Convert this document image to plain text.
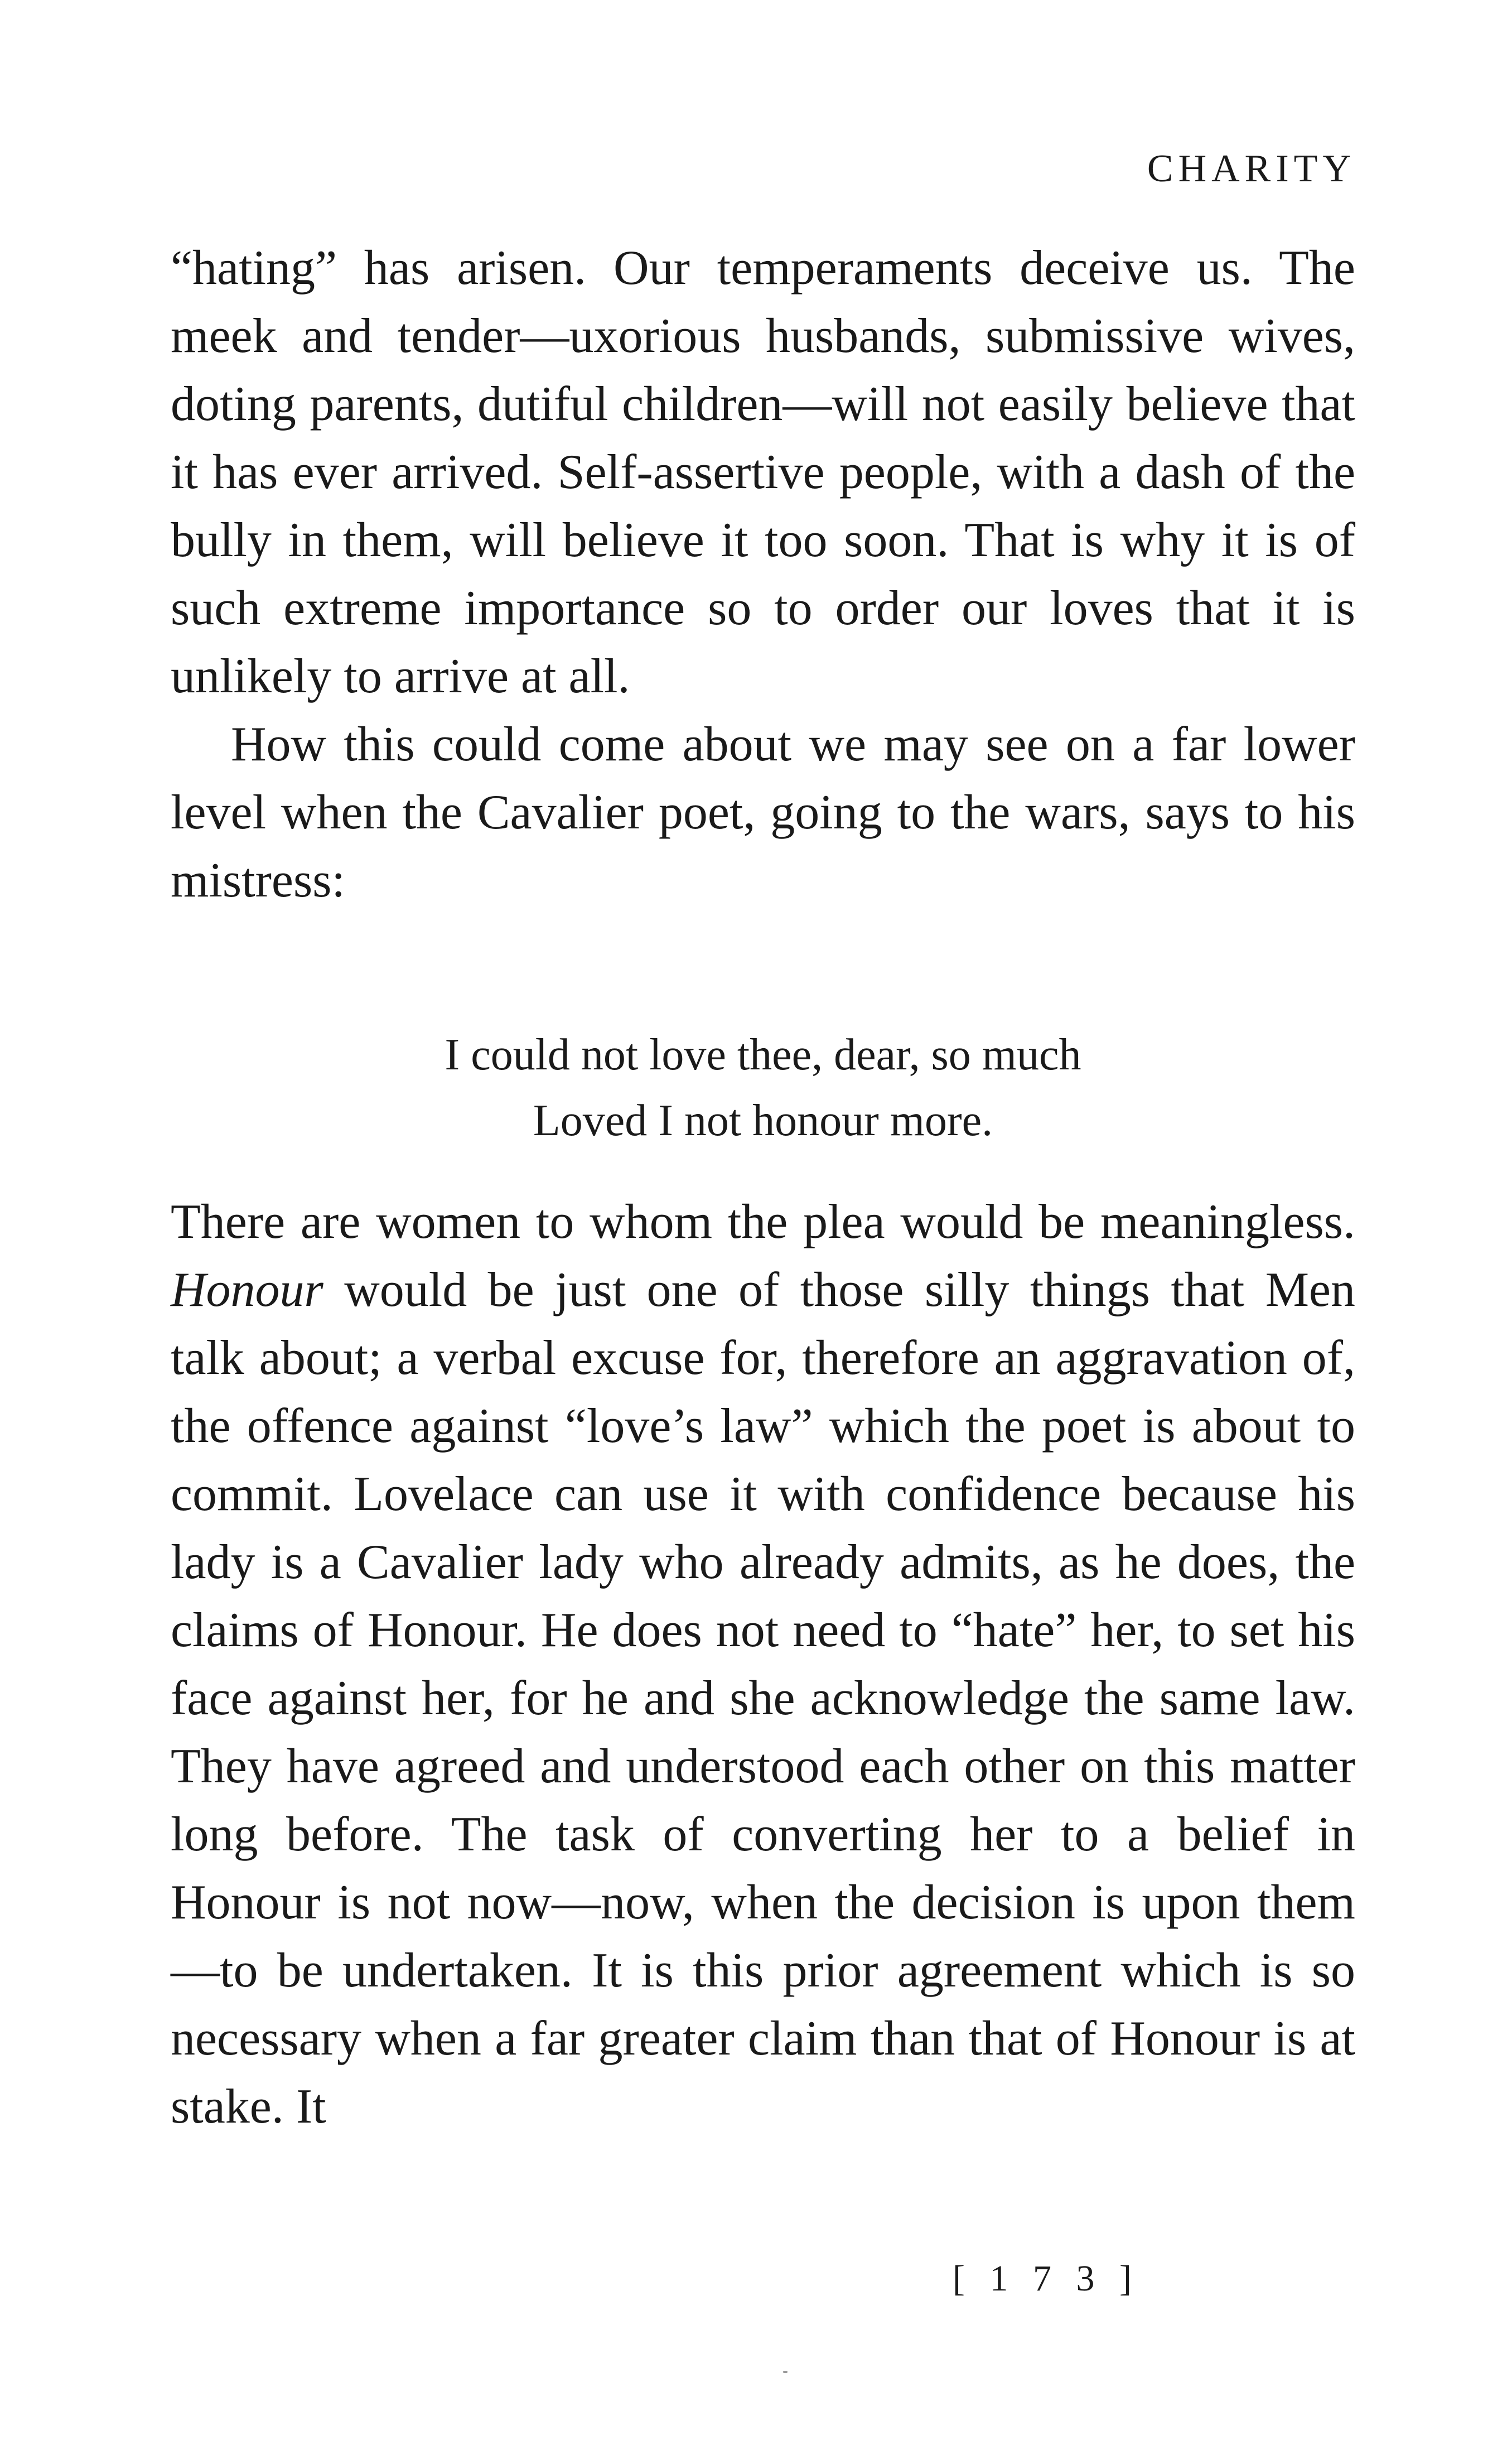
CHARITY

“hating” has arisen. Our temperaments deceive us. The meek and tender—uxorious husbands, submissive wives, doting parents, dutiful children—will not easily believe that it has ever arrived. Self-assertive people, with a dash of the bully in them, will believe it too soon. That is why it is of such extreme importance so to order our loves that it is unlikely to arrive at all.

How this could come about we may see on a far lower level when the Cavalier poet, going to the wars, says to his mistress:

I could not love thee, dear, so much
Loved I not honour more.

There are women to whom the plea would be meaningless. Honour would be just one of those silly things that Men talk about; a verbal excuse for, therefore an aggravation of, the offence against “love’s law” which the poet is about to commit. Lovelace can use it with confidence because his lady is a Cavalier lady who already admits, as he does, the claims of Honour. He does not need to “hate” her, to set his face against her, for he and she acknowledge the same law. They have agreed and understood each other on this matter long before. The task of converting her to a belief in Honour is not now—now, when the decision is upon them—to be undertaken. It is this prior agreement which is so necessary when a far greater claim than that of Honour is at stake. It

[ 1 7 3 ]
